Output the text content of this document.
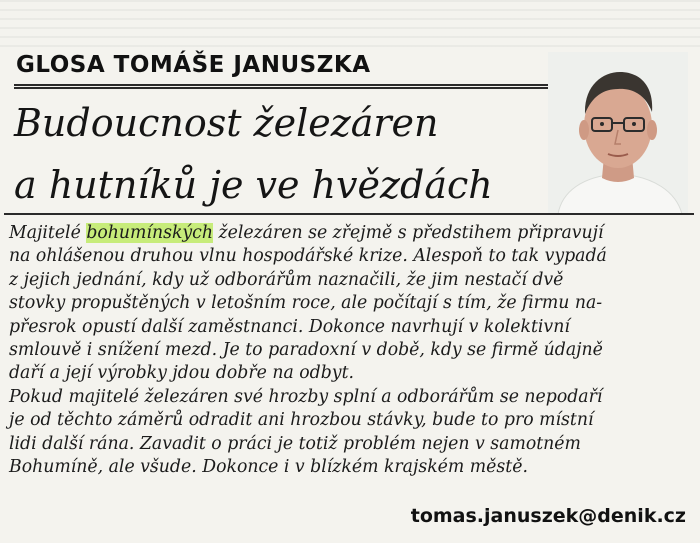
GLOSA TOMÁŠE JANUSZKA
Budoucnost železáren
a hutníků je ve hvězdách
Majitelé bohumínských železáren se zřejmě s předstihem připravují
na ohlášenou druhou vlnu hospodářské krize. Alespoň to tak vypadá
z jejich jednání, kdy už odborářům naznačili, že jim nestačí dvě
stovky propuštěných v letošním roce, ale počítají s tím, že firmu na-
přesrok opustí další zaměstnanci. Dokonce navrhují v kolektivní
smlouvě i snížení mezd. Je to paradoxní v době, kdy se firmě údajně
daří a její výrobky jdou dobře na odbyt.
Pokud majitelé železáren své hrozby splní a odborářům se nepodaří
je od těchto záměrů odradit ani hrozbou stávky, bude to pro místní
lidi další rána. Zavadit o práci je totiž problém nejen v samotném
Bohumíně, ale všude. Dokonce i v blízkém krajském městě.
tomas.januszek@denik.cz
